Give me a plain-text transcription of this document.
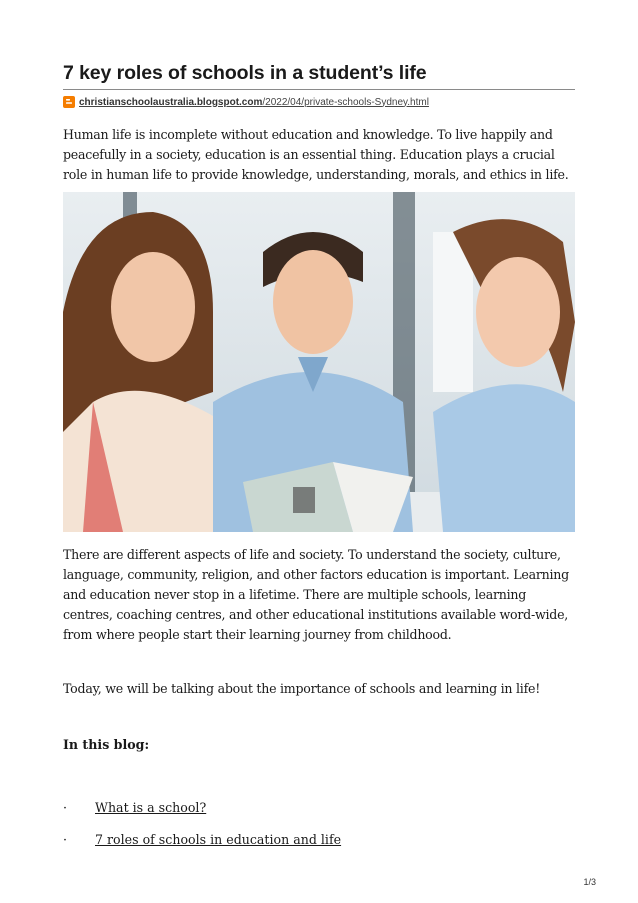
7 key roles of schools in a student’s life
christianschoolaustralia.blogspot.com/2022/04/private-schools-Sydney.html

Human life is incomplete without education and knowledge. To live happily and peacefully in a society, education is an essential thing. Education plays a crucial role in human life to provide knowledge, understanding, morals, and ethics in life.

There are different aspects of life and society. To understand the society, culture, language, community, religion, and other factors education is important. Learning and education never stop in a lifetime. There are multiple schools, learning centres, coaching centres, and other educational institutions available word-wide, from where people start their learning journey from childhood.

Today, we will be talking about the importance of schools and learning in life!

In this blog:
·	What is a school?
·	7 roles of schools in education and life
1/3
